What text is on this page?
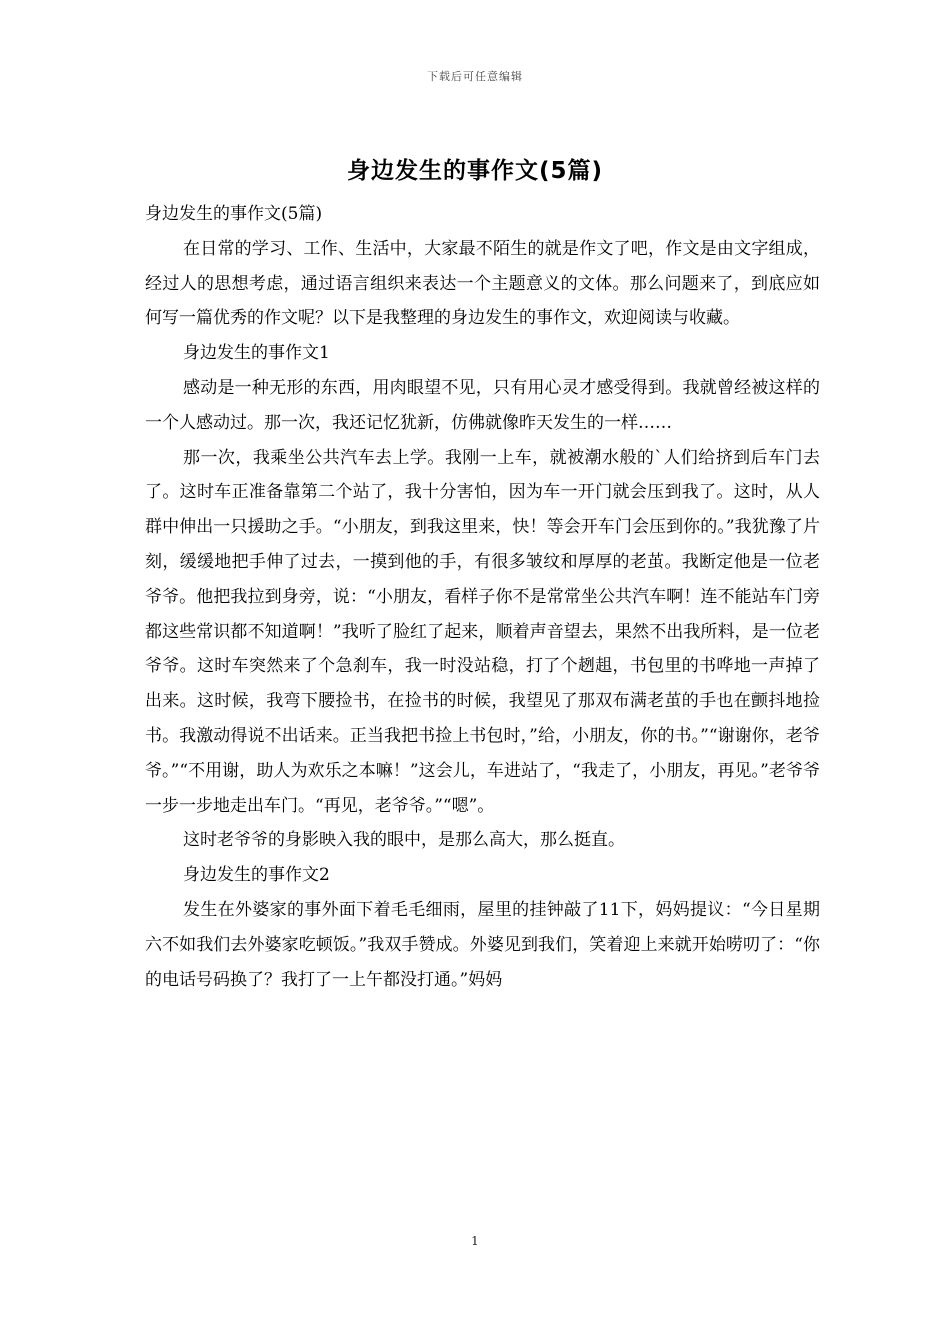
下载后可任意编辑
身边发生的事作文(5篇)

身边发生的事作文(5篇)

在日常的学习、工作、生活中，大家最不陌生的就是作文了吧，作文是由文字组成，经过人的思想考虑，通过语言组织来表达一个主题意义的文体。那么问题来了，到底应如何写一篇优秀的作文呢？以下是我整理的身边发生的事作文，欢迎阅读与收藏。

身边发生的事作文1

感动是一种无形的东西，用肉眼望不见，只有用心灵才感受得到。我就曾经被这样的一个人感动过。那一次，我还记忆犹新，仿佛就像昨天发生的一样……

那一次，我乘坐公共汽车去上学。我刚一上车，就被潮水般的`人们给挤到后车门去了。这时车正准备靠第二个站了，我十分害怕，因为车一开门就会压到我了。这时，从人群中伸出一只援助之手。“小朋友，到我这里来，快！等会开车门会压到你的。”我犹豫了片刻，缓缓地把手伸了过去，一摸到他的手，有很多皱纹和厚厚的老茧。我断定他是一位老爷爷。他把我拉到身旁，说：“小朋友，看样子你不是常常坐公共汽车啊！连不能站车门旁都这些常识都不知道啊！”我听了脸红了起来，顺着声音望去，果然不出我所料，是一位老爷爷。这时车突然来了个急刹车，我一时没站稳，打了个趔趄，书包里的书哗地一声掉了出来。这时候，我弯下腰捡书，在捡书的时候，我望见了那双布满老茧的手也在颤抖地捡书。我激动得说不出话来。正当我把书捡上书包时，”给，小朋友，你的书。”“谢谢你，老爷爷。”“不用谢，助人为欢乐之本嘛！”这会儿，车进站了，“我走了，小朋友，再见。”老爷爷一步一步地走出车门。“再见，老爷爷。”“嗯”。

这时老爷爷的身影映入我的眼中，是那么高大，那么挺直。

身边发生的事作文2

发生在外婆家的事外面下着毛毛细雨，屋里的挂钟敲了11下，妈妈提议：“今日星期六不如我们去外婆家吃顿饭。”我双手赞成。外婆见到我们，笑着迎上来就开始唠叨了：“你的电话号码换了？我打了一上午都没打通。”妈妈

1
